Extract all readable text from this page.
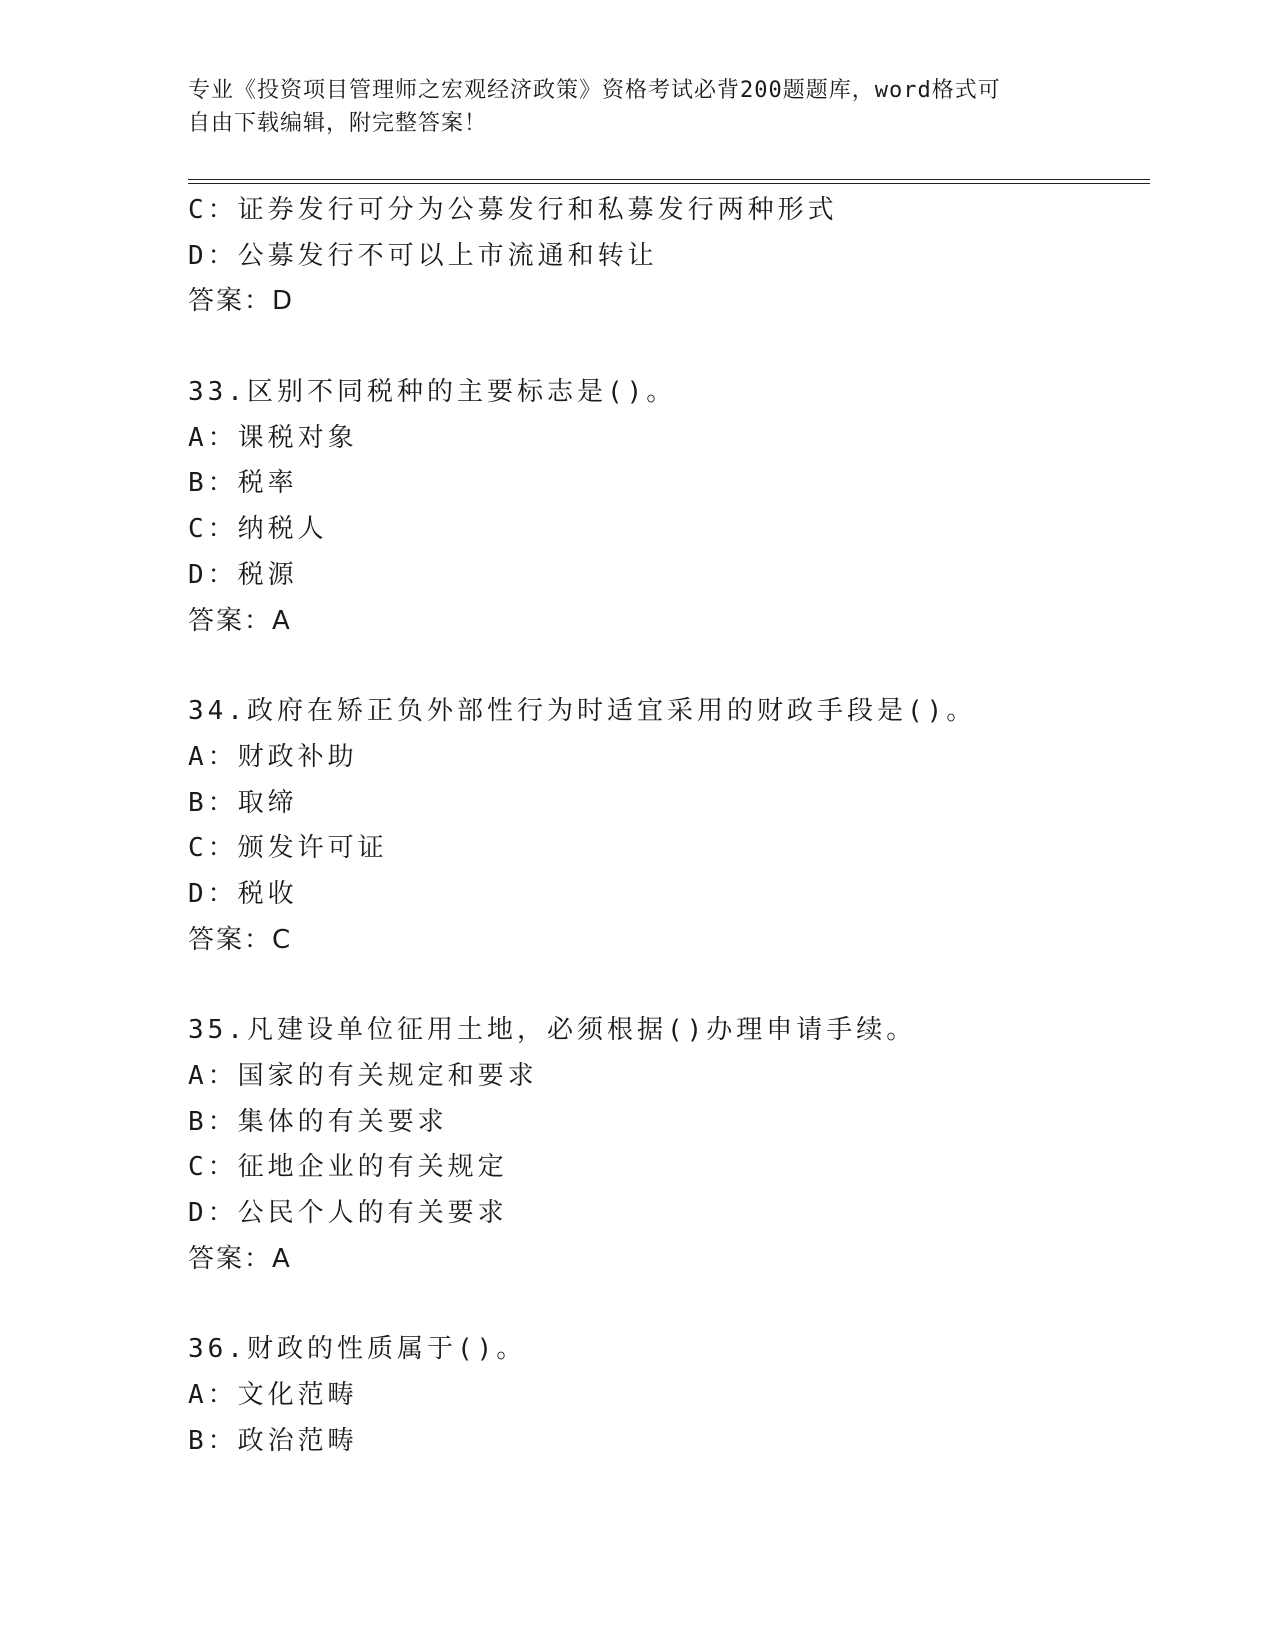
专业《投资项目管理师之宏观经济政策》资格考试必背200题题库，word格式可
自由下载编辑，附完整答案！
C：证券发行可分为公募发行和私募发行两种形式
D：公募发行不可以上市流通和转让
答案：D
33.区别不同税种的主要标志是()。
A：课税对象
B：税率
C：纳税人
D：税源
答案：A
34.政府在矫正负外部性行为时适宜采用的财政手段是()。
A：财政补助
B：取缔
C：颁发许可证
D：税收
答案：C
35.凡建设单位征用土地，必须根据()办理申请手续。
A：国家的有关规定和要求
B：集体的有关要求
C：征地企业的有关规定
D：公民个人的有关要求
答案：A
36.财政的性质属于()。
A：文化范畴
B：政治范畴
